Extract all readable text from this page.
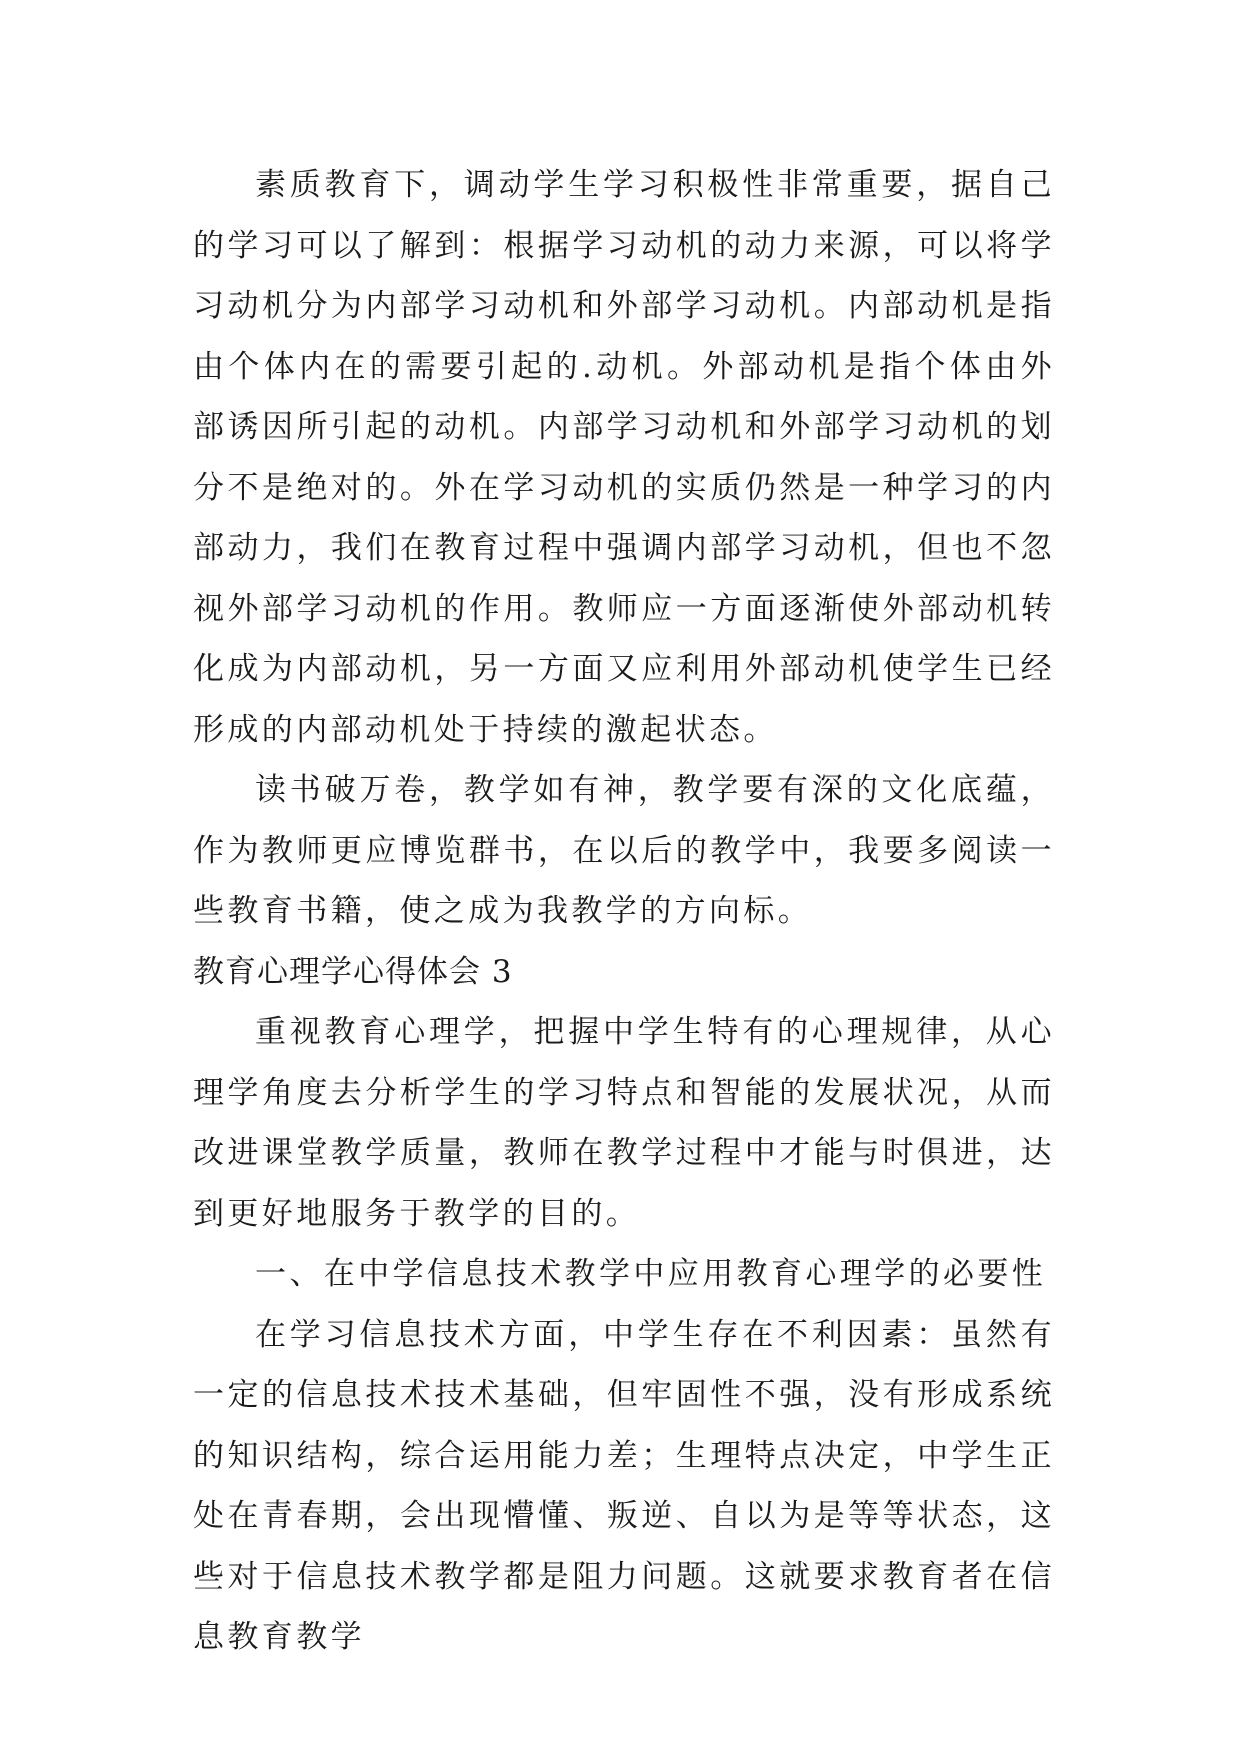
素质教育下，调动学生学习积极性非常重要，据自己的学习可以了解到：根据学习动机的动力来源，可以将学习动机分为内部学习动机和外部学习动机。内部动机是指由个体内在的需要引起的.动机。外部动机是指个体由外部诱因所引起的动机。内部学习动机和外部学习动机的划分不是绝对的。外在学习动机的实质仍然是一种学习的内部动力，我们在教育过程中强调内部学习动机，但也不忽视外部学习动机的作用。教师应一方面逐渐使外部动机转化成为内部动机，另一方面又应利用外部动机使学生已经形成的内部动机处于持续的激起状态。

读书破万卷，教学如有神，教学要有深的文化底蕴，作为教师更应博览群书，在以后的教学中，我要多阅读一些教育书籍，使之成为我教学的方向标。

教育心理学心得体会 3

重视教育心理学，把握中学生特有的心理规律，从心理学角度去分析学生的学习特点和智能的发展状况，从而改进课堂教学质量，教师在教学过程中才能与时俱进，达到更好地服务于教学的目的。

一、在中学信息技术教学中应用教育心理学的必要性

在学习信息技术方面，中学生存在不利因素：虽然有一定的信息技术技术基础，但牢固性不强，没有形成系统的知识结构，综合运用能力差；生理特点决定，中学生正处在青春期，会出现懵懂、叛逆、自以为是等等状态，这些对于信息技术教学都是阻力问题。这就要求教育者在信息教育教学
